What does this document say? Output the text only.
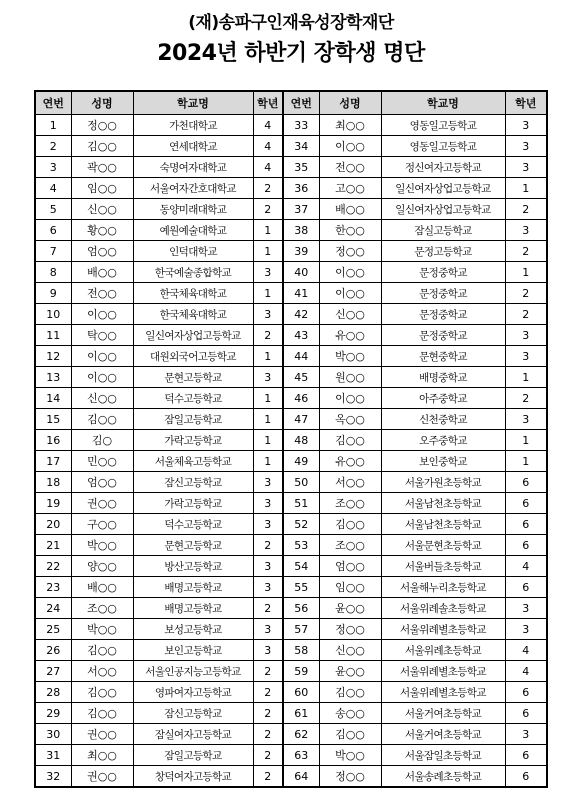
(재)송파구인재육성장학재단
2024년 하반기 장학생 명단
연번	성명	학교명	학년	연번	성명	학교명	학년
1	정○○	가천대학교	4	33	최○○	영동일고등학교	3
2	김○○	연세대학교	4	34	이○○	영동일고등학교	3
3	곽○○	숙명여자대학교	4	35	전○○	정신여자고등학교	3
4	임○○	서울여자간호대학교	2	36	고○○	일신여자상업고등학교	1
5	신○○	동양미래대학교	2	37	배○○	일신여자상업고등학교	2
6	황○○	예원예술대학교	1	38	한○○	잠실고등학교	3
7	엄○○	인덕대학교	1	39	정○○	문정고등학교	2
8	배○○	한국예술종합학교	3	40	이○○	문정중학교	1
9	전○○	한국체육대학교	1	41	이○○	문정중학교	2
10	이○○	한국체육대학교	3	42	신○○	문정중학교	2
11	탁○○	일신여자상업고등학교	2	43	유○○	문정중학교	3
12	이○○	대원외국어고등학교	1	44	박○○	문현중학교	3
13	이○○	문현고등학교	3	45	원○○	배명중학교	1
14	신○○	덕수고등학교	1	46	이○○	아주중학교	2
15	김○○	잠일고등학교	1	47	옥○○	신천중학교	3
16	김○	가락고등학교	1	48	김○○	오주중학교	1
17	민○○	서울체육고등학교	1	49	유○○	보인중학교	1
18	엄○○	잠신고등학교	3	50	서○○	서울가원초등학교	6
19	권○○	가락고등학교	3	51	조○○	서울남천초등학교	6
20	구○○	덕수고등학교	3	52	김○○	서울남천초등학교	6
21	박○○	문현고등학교	2	53	조○○	서울문현초등학교	6
22	양○○	방산고등학교	3	54	엄○○	서울버들초등학교	4
23	배○○	배명고등학교	3	55	임○○	서울해누리초등학교	6
24	조○○	배명고등학교	2	56	윤○○	서울위례솔초등학교	3
25	박○○	보성고등학교	3	57	정○○	서울위례별초등학교	3
26	김○○	보인고등학교	3	58	신○○	서울위례초등학교	4
27	서○○	서울인공지능고등학교	2	59	윤○○	서울위례별초등학교	4
28	김○○	영파여자고등학교	2	60	김○○	서울위례별초등학교	6
29	김○○	잠신고등학교	2	61	송○○	서울거여초등학교	6
30	권○○	잠실여자고등학교	2	62	김○○	서울거여초등학교	3
31	최○○	잠일고등학교	2	63	박○○	서울잠일초등학교	6
32	권○○	창덕여자고등학교	2	64	정○○	서울송례초등학교	6
